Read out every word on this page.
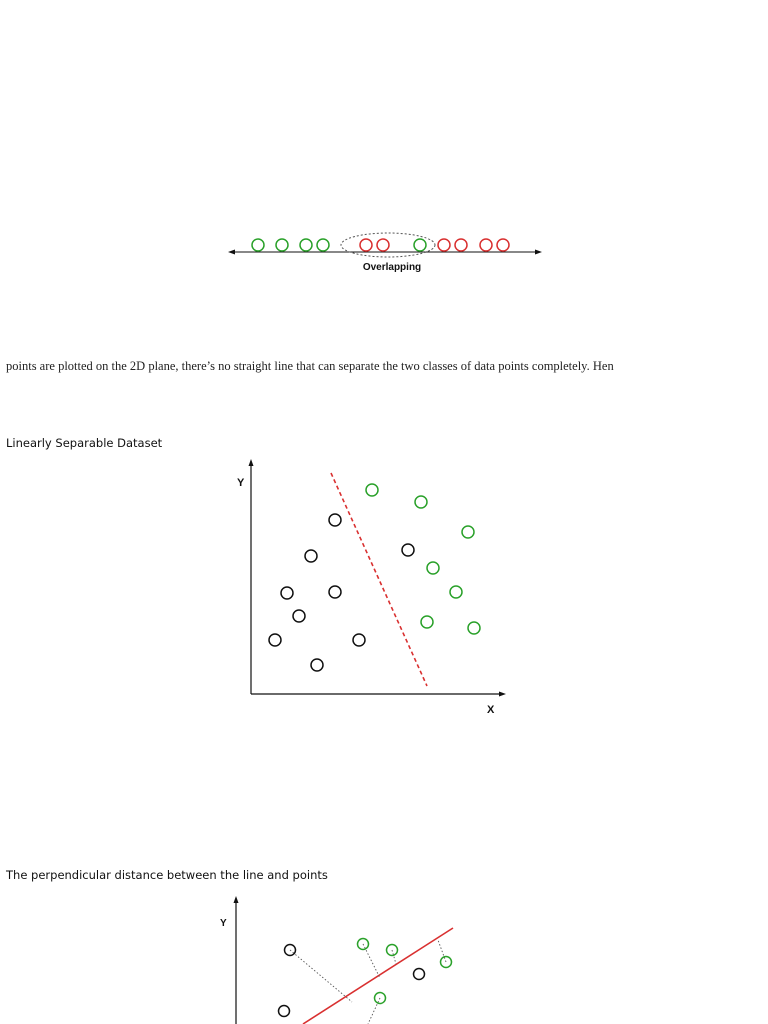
Overlapping
points are plotted on the 2D plane, there’s no straight line that can separate the two classes of data points completely. Hen
Linearly Separable Dataset
Y
X
The perpendicular distance between the line and points
Y
